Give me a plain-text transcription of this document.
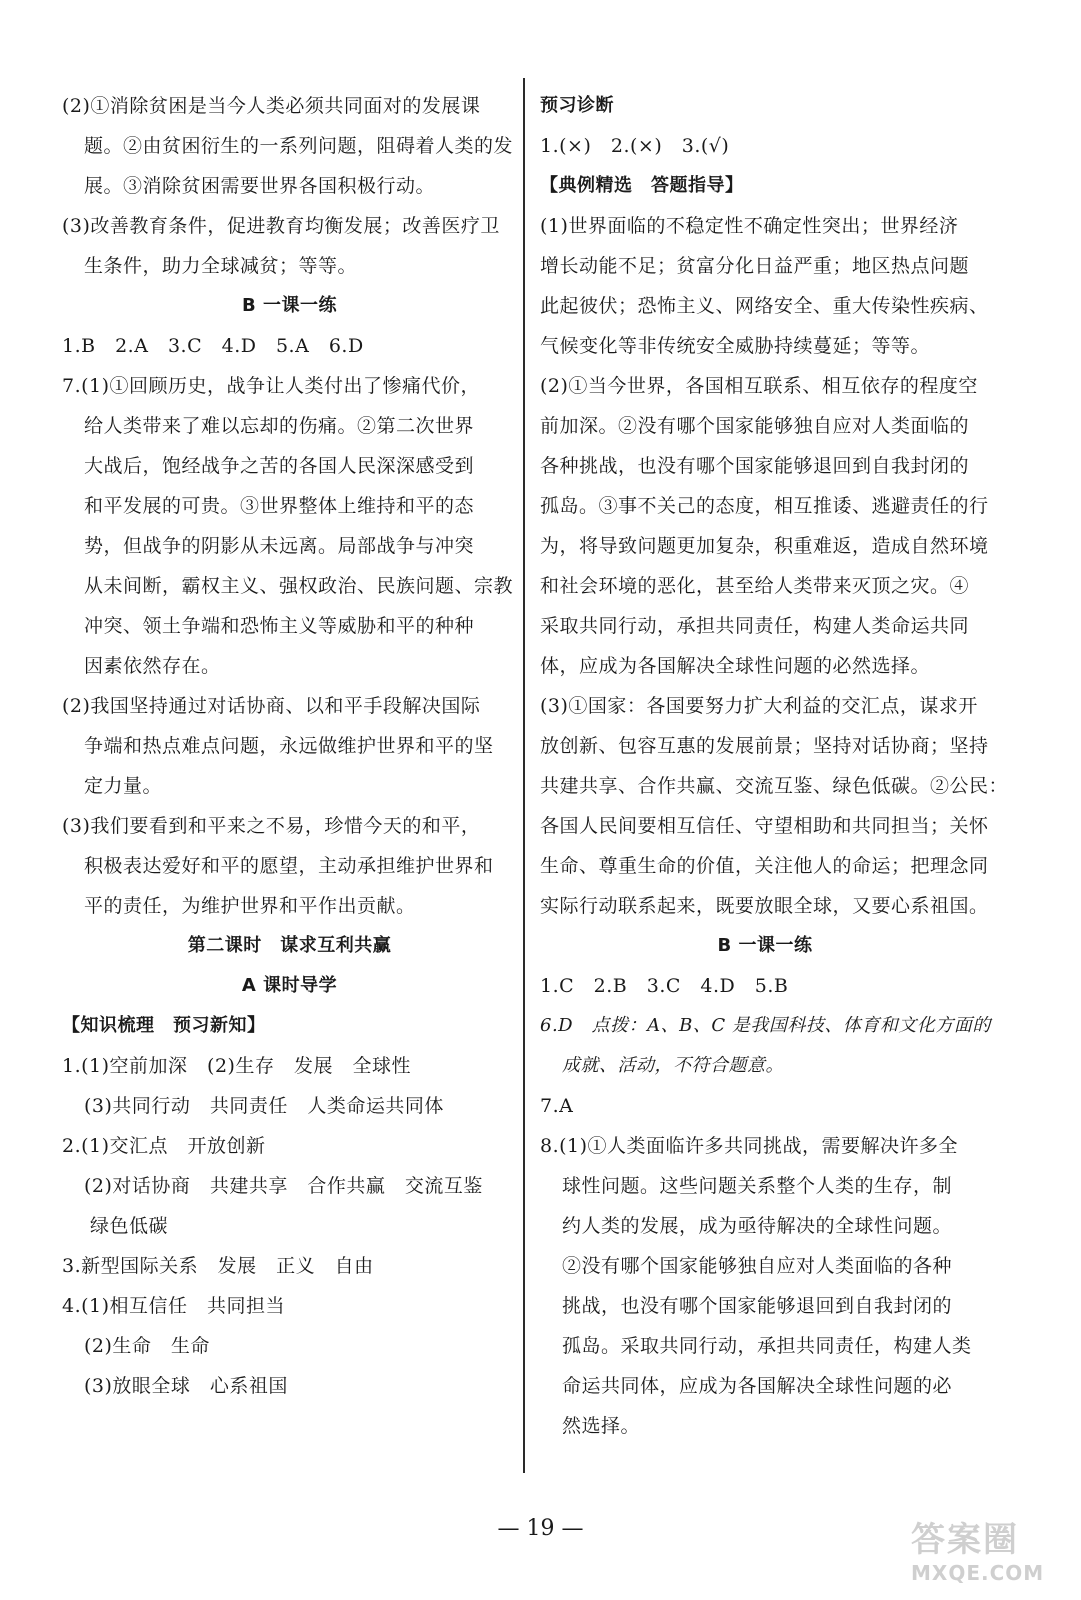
(2)①消除贫困是当今人类必须共同面对的发展课
题。②由贫困衍生的一系列问题，阻碍着人类的发
展。③消除贫困需要世界各国积极行动。
(3)改善教育条件，促进教育均衡发展；改善医疗卫
生条件，助力全球减贫；等等。
B 一课一练
1.B　2.A　3.C　4.D　5.A　6.D
7.(1)①回顾历史，战争让人类付出了惨痛代价，
给人类带来了难以忘却的伤痛。②第二次世界
大战后，饱经战争之苦的各国人民深深感受到
和平发展的可贵。③世界整体上维持和平的态
势，但战争的阴影从未远离。局部战争与冲突
从未间断，霸权主义、强权政治、民族问题、宗教
冲突、领土争端和恐怖主义等威胁和平的种种
因素依然存在。
(2)我国坚持通过对话协商、以和平手段解决国际
争端和热点难点问题，永远做维护世界和平的坚
定力量。
(3)我们要看到和平来之不易，珍惜今天的和平，
积极表达爱好和平的愿望，主动承担维护世界和
平的责任，为维护世界和平作出贡献。
第二课时　谋求互利共赢
A 课时导学
【知识梳理　预习新知】
1.(1)空前加深　(2)生存　发展　全球性
(3)共同行动　共同责任　人类命运共同体
2.(1)交汇点　开放创新
(2)对话协商　共建共享　合作共赢　交流互鉴
绿色低碳
3.新型国际关系　发展　正义　自由
4.(1)相互信任　共同担当
(2)生命　生命
(3)放眼全球　心系祖国
预习诊断
1.(×)　2.(×)　3.(√)
【典例精选　答题指导】
(1)世界面临的不稳定性不确定性突出；世界经济
增长动能不足；贫富分化日益严重；地区热点问题
此起彼伏；恐怖主义、网络安全、重大传染性疾病、
气候变化等非传统安全威胁持续蔓延；等等。
(2)①当今世界，各国相互联系、相互依存的程度空
前加深。②没有哪个国家能够独自应对人类面临的
各种挑战，也没有哪个国家能够退回到自我封闭的
孤岛。③事不关己的态度，相互推诿、逃避责任的行
为，将导致问题更加复杂，积重难返，造成自然环境
和社会环境的恶化，甚至给人类带来灭顶之灾。④
采取共同行动，承担共同责任，构建人类命运共同
体，应成为各国解决全球性问题的必然选择。
(3)①国家：各国要努力扩大利益的交汇点，谋求开
放创新、包容互惠的发展前景；坚持对话协商；坚持
共建共享、合作共赢、交流互鉴、绿色低碳。②公民：
各国人民间要相互信任、守望相助和共同担当；关怀
生命、尊重生命的价值，关注他人的命运；把理念同
实际行动联系起来，既要放眼全球，又要心系祖国。
B 一课一练
1.C　2.B　3.C　4.D　5.B
6.D　点拨：A、B、C 是我国科技、体育和文化方面的
成就、活动，不符合题意。
7.A
8.(1)①人类面临许多共同挑战，需要解决许多全
球性问题。这些问题关系整个人类的生存，制
约人类的发展，成为亟待解决的全球性问题。
②没有哪个国家能够独自应对人类面临的各种
挑战，也没有哪个国家能够退回到自我封闭的
孤岛。采取共同行动，承担共同责任，构建人类
命运共同体，应成为各国解决全球性问题的必
然选择。
— 19 —	答案圈
MXQE.COM
